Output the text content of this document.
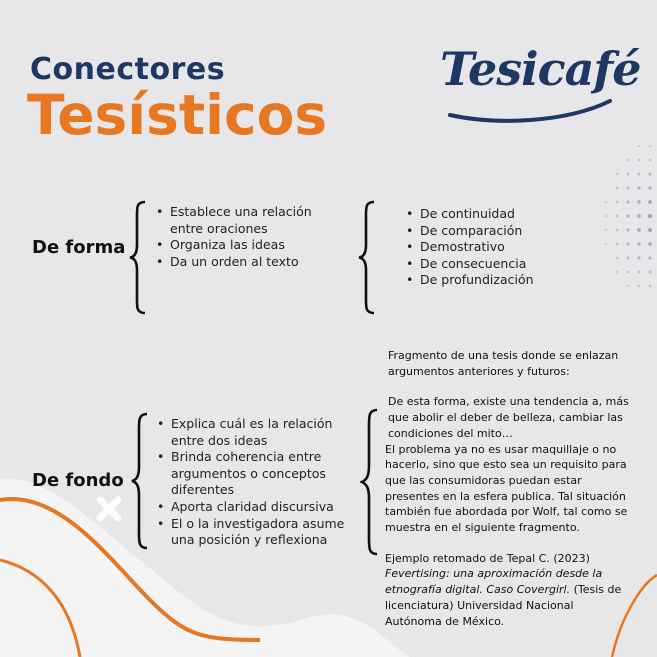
Conectores
Tesísticos
Tesicafé
De forma
• Establece una relación entre oraciones
• Organiza las ideas
• Da un orden al texto
• De continuidad
• De comparación
• Demostrativo
• De consecuencia
• De profundización
De fondo
• Explica cuál es la relación entre dos ideas
• Brinda coherencia entre argumentos o conceptos diferentes
• Aporta claridad discursiva
• El o la investigadora asume una posición y reflexiona

Fragmento de una tesis donde se enlazan argumentos anteriores y futuros:

De esta forma, existe una tendencia a, más que abolir el deber de belleza, cambiar las condiciones del mito…

El problema ya no es usar maquillaje o no hacerlo, sino que esto sea un requisito para que las consumidoras puedan estar presentes en la esfera publica. Tal situación también fue abordada por Wolf, tal como se muestra en el siguiente fragmento.

Ejemplo retomado de Tepal C. (2023) Fevertising: una aproximación desde la etnografía digital. Caso Covergirl. (Tesis de licenciatura) Universidad Nacional Autónoma de México.
